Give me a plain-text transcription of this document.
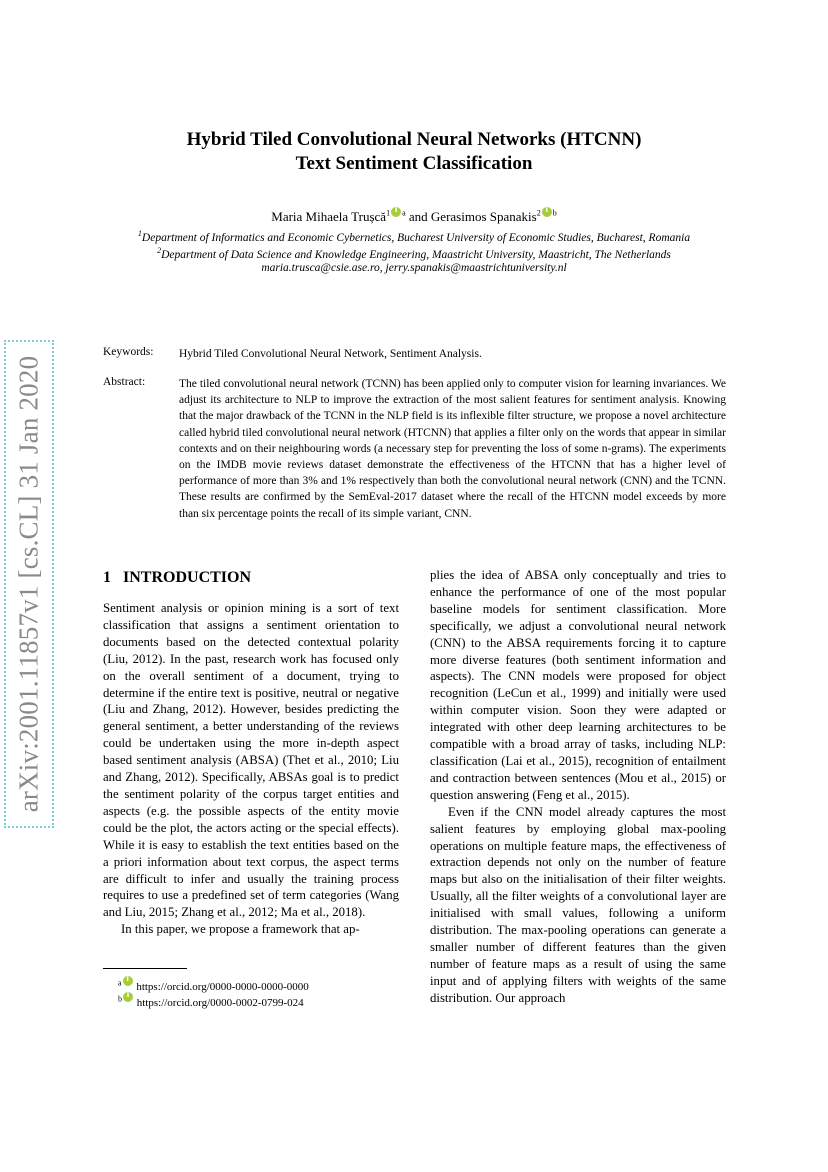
arXiv:2001.11857v1 [cs.CL] 31 Jan 2020
Hybrid Tiled Convolutional Neural Networks (HTCNN)
Text Sentiment Classification
Maria Mihaela Trușcă$^1$ i $^a$ and Gerasimos Spanakis$^2$ i $^b$
$^1$Department of Informatics and Economic Cybernetics, Bucharest University of Economic Studies, Bucharest, Romania
$^2$Department of Data Science and Knowledge Engineering, Maastricht University, Maastricht, The Netherlands
maria.trusca@csie.ase.ro, jerry.spanakis@maastrichtuniversity.nl
Keywords: Hybrid Tiled Convolutional Neural Network, Sentiment Analysis.
Abstract:	The tiled convolutional neural network (TCNN) has been applied only to computer vision for learning invariances. We adjust its architecture to NLP to improve the extraction of the most salient features for sentiment analysis. Knowing that the major drawback of the TCNN in the NLP field is its inflexible filter structure, we propose a novel architecture called hybrid tiled convolutional neural network (HTCNN) that applies a filter only on the words that appear in similar contexts and on their neighbouring words (a necessary step for preventing the loss of some n-grams). The experiments on the IMDB movie reviews dataset demonstrate the effectiveness of the HTCNN that has a higher level of performance of more than 3% and 1% respectively than both the convolutional neural network (CNN) and the TCNN. These results are confirmed by the SemEval-2017 dataset where the recall of the HTCNN model exceeds by more than six percentage points the recall of its simple variant, CNN.
1 INTRODUCTION

Sentiment analysis or opinion mining is a sort of text classification that assigns a sentiment orientation to documents based on the detected contextual polarity (Liu, 2012). In the past, research work has focused only on the overall sentiment of a document, trying to determine if the entire text is positive, neutral or negative (Liu and Zhang, 2012). However, besides predicting the general sentiment, a better understanding of the reviews could be undertaken using the more in-depth aspect based sentiment analysis (ABSA) (Thet et al., 2010; Liu and Zhang, 2012). Specifically, ABSAs goal is to predict the sentiment polarity of the corpus target entities and aspects (e.g. the possible aspects of the entity movie could be the plot, the actors acting or the special effects). While it is easy to establish the text entities based on the a priori information about text corpus, the aspect terms are difficult to infer and usually the training process requires to use a predefined set of term categories (Wang and Liu, 2015; Zhang et al., 2012; Ma et al., 2018).

In this paper, we propose a framework that ap-

plies the idea of ABSA only conceptually and tries to enhance the performance of one of the most popular baseline models for sentiment classification. More specifically, we adjust a convolutional neural network (CNN) to the ABSA requirements forcing it to capture more diverse features (both sentiment information and aspects). The CNN models were proposed for object recognition (LeCun et al., 1999) and initially were used within computer vision. Soon they were adapted or integrated with other deep learning architectures to be compatible with a broad array of tasks, including NLP: classification (Lai et al., 2015), recognition of entailment and contraction between sentences (Mou et al., 2015) or question answering (Feng et al., 2015).

Even if the CNN model already captures the most salient features by employing global max-pooling operations on multiple feature maps, the effectiveness of extraction depends not only on the number of feature maps but also on the initialisation of their filter weights. Usually, all the filter weights of a convolutional layer are initialised with small values, following a uniform distribution. The max-pooling operations can generate a smaller number of different features than the given number of feature maps as a result of using the same input and of applying filters with weights of the same distribution. Our approach

$^a$ i https://orcid.org/0000-0000-0000-0000
$^b$ i https://orcid.org/0000-0002-0799-024
